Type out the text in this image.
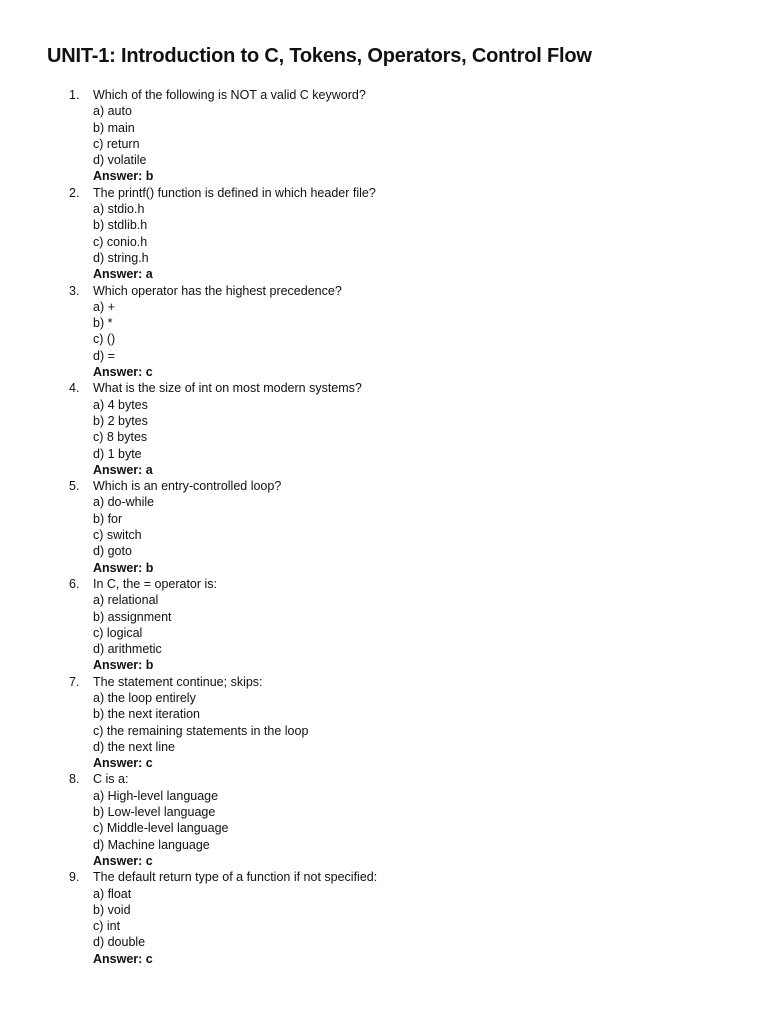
UNIT-1: Introduction to C, Tokens, Operators, Control Flow
1.	Which of the following is NOT a valid C keyword?
a) auto
b) main
c) return
d) volatile
Answer: b
2.	The printf() function is defined in which header file?
a) stdio.h
b) stdlib.h
c) conio.h
d) string.h
Answer: a
3.	Which operator has the highest precedence?
a) +
b) *
c) ()
d) =
Answer: c
4.	What is the size of int on most modern systems?
a) 4 bytes
b) 2 bytes
c) 8 bytes
d) 1 byte
Answer: a
5.	Which is an entry-controlled loop?
a) do-while
b) for
c) switch
d) goto
Answer: b
6.	In C, the = operator is:
a) relational
b) assignment
c) logical
d) arithmetic
Answer: b
7.	The statement continue; skips:
a) the loop entirely
b) the next iteration
c) the remaining statements in the loop
d) the next line
Answer: c
8.	C is a:
a) High-level language
b) Low-level language
c) Middle-level language
d) Machine language
Answer: c
9.	The default return type of a function if not specified:
a) float
b) void
c) int
d) double
Answer: c
